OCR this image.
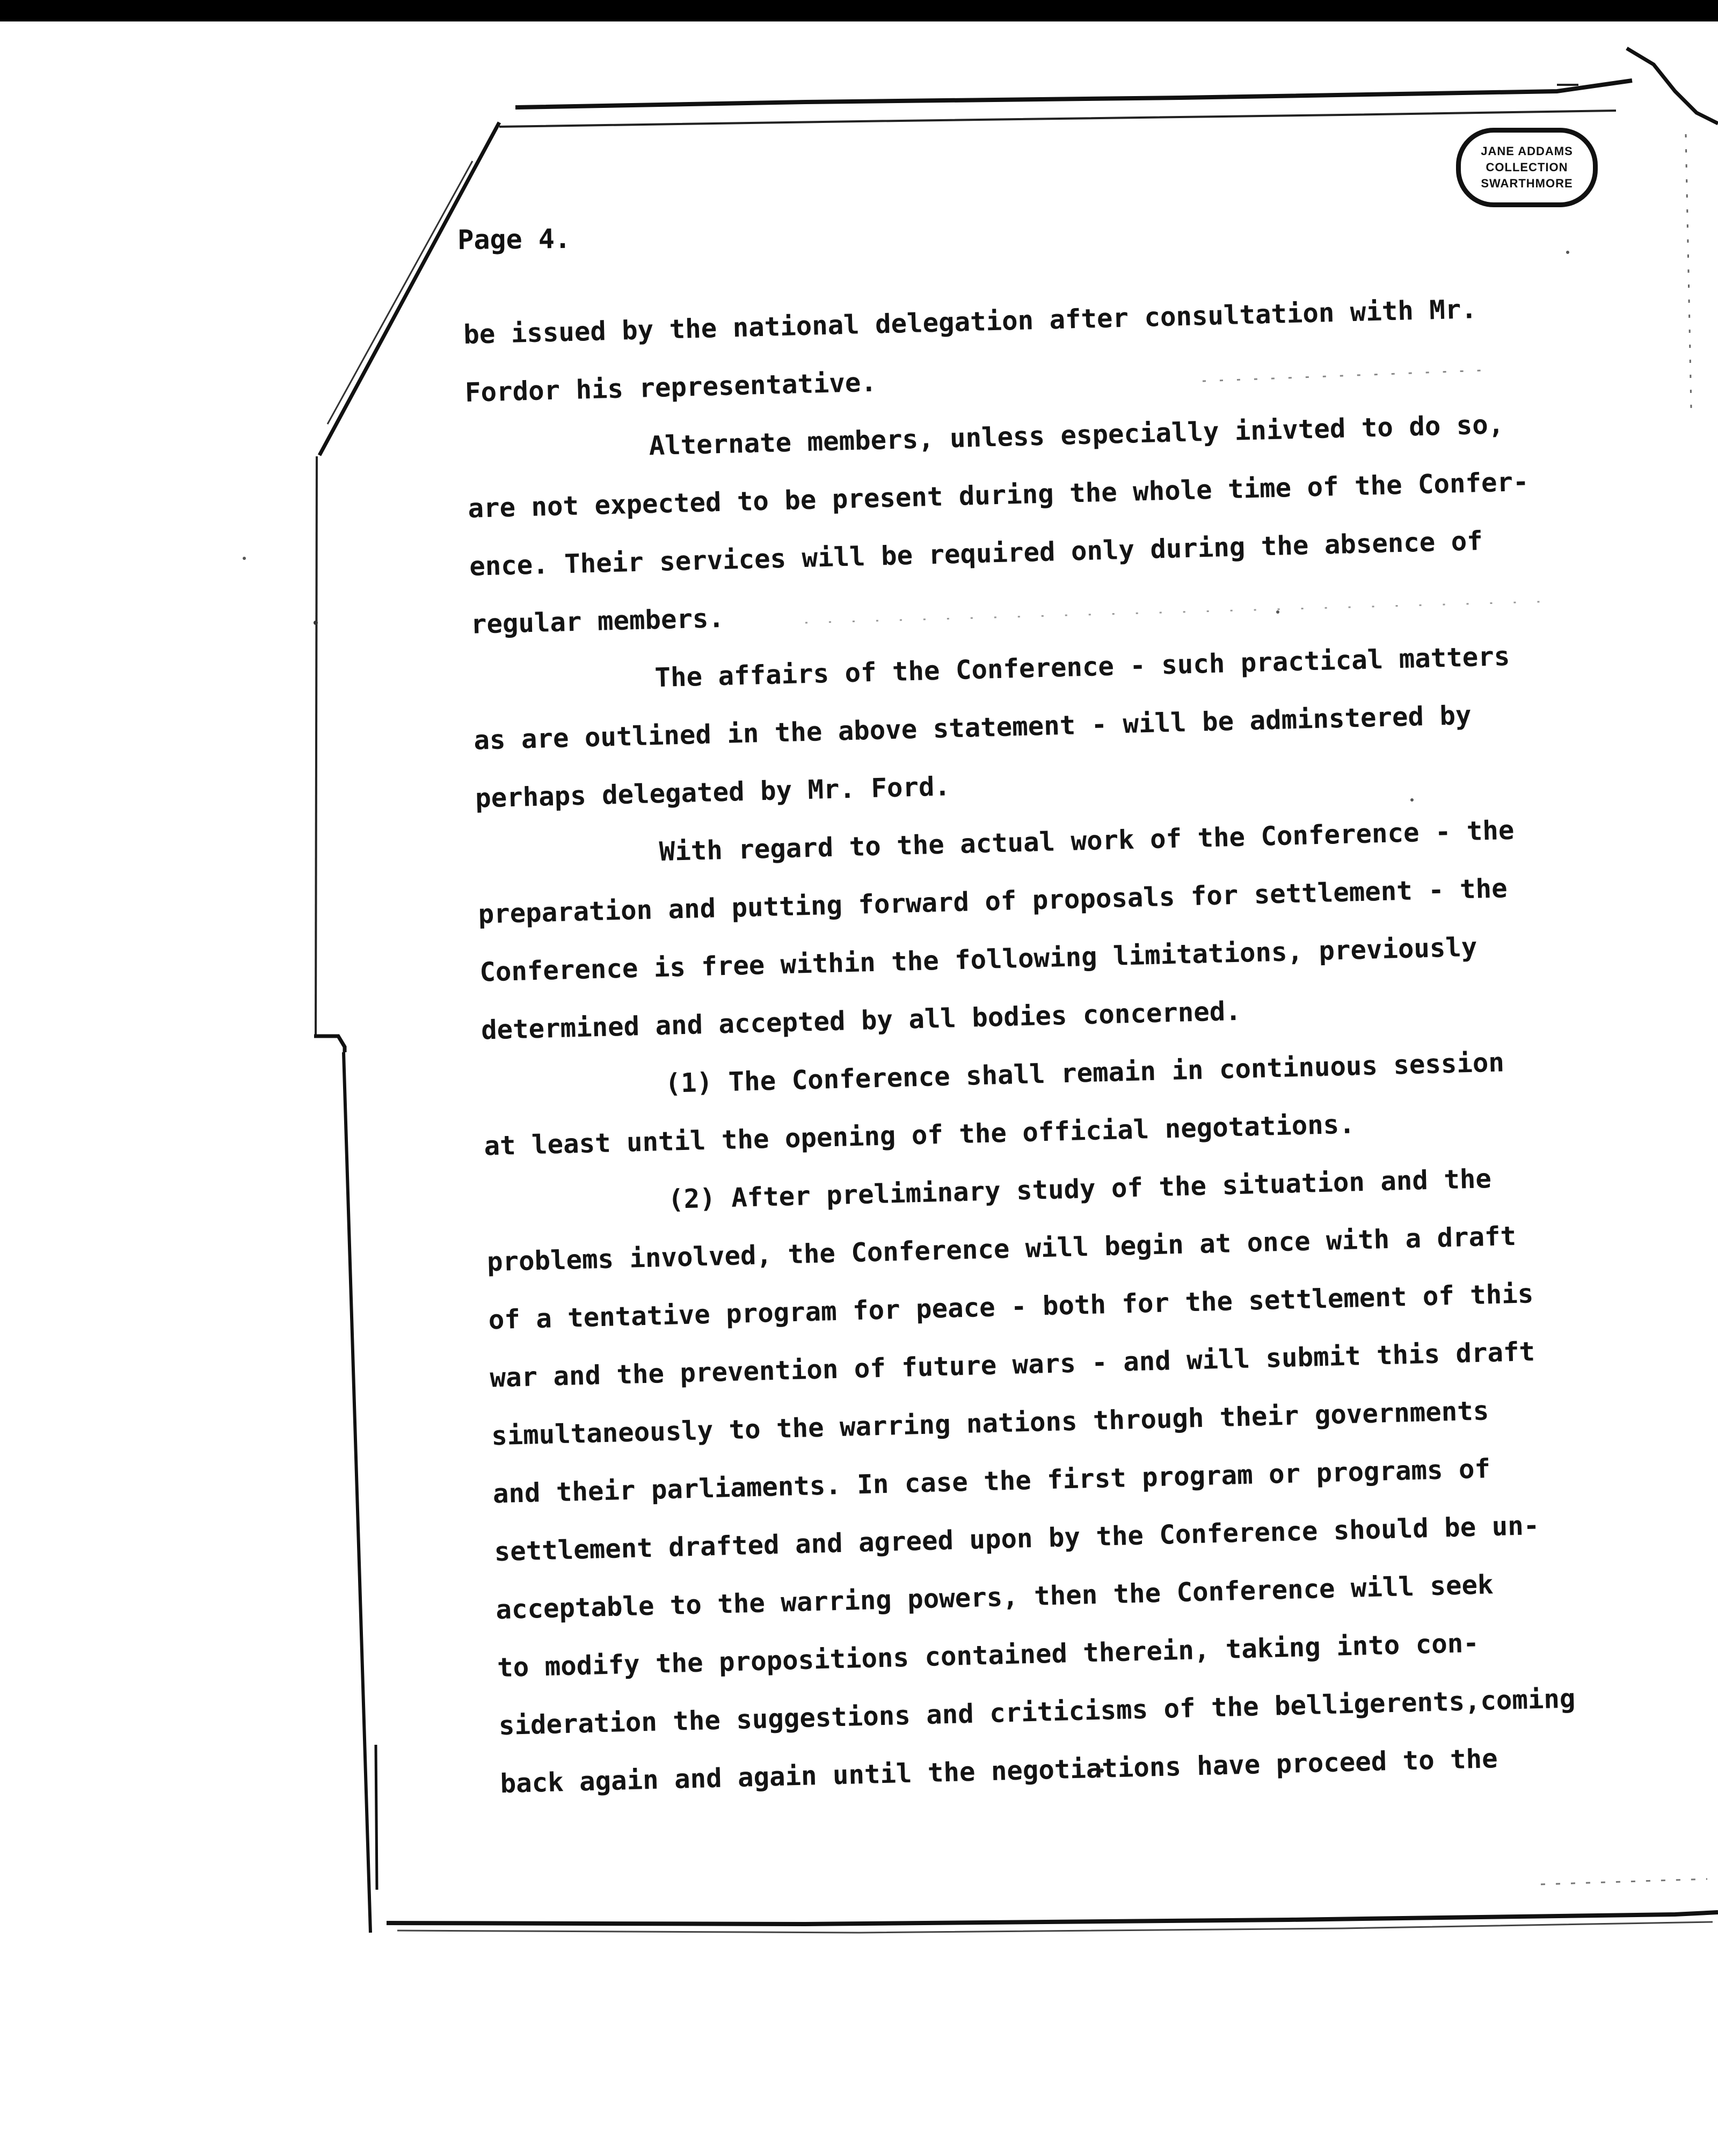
JANE ADDAMS
COLLECTION
SWARTHMORE
Page 4.
be issued by the national delegation after consultation with Mr.
Fordor his representative.
Alternate members, unless especially inivted to do so,
are not expected to be present during the whole time of the Confer-
ence. Their services will be required only during the absence of
regular members.
The affairs of the Conference - such practical matters
as are outlined in the above statement - will be adminstered by
perhaps delegated by Mr. Ford.
With regard to the actual work of the Conference - the
preparation and putting forward of proposals for settlement - the
Conference is free within the following limitations, previously
determined and accepted by all bodies concerned.
(1) The Conference shall remain in continuous session
at least until the opening of the official negotations.
(2) After preliminary study of the situation and the
problems involved, the Conference will begin at once with a draft
of a tentative program for peace - both for the settlement of this
war and the prevention of future wars - and will submit this draft
simultaneously to the warring nations through their governments
and their parliaments. In case the first program or programs of
settlement drafted and agreed upon by the Conference should be un-
acceptable to the warring powers, then the Conference will seek
to modify the propositions contained therein, taking into con-
sideration the suggestions and criticisms of the belligerents,coming
back again and again until the negotiations have proceed to the
